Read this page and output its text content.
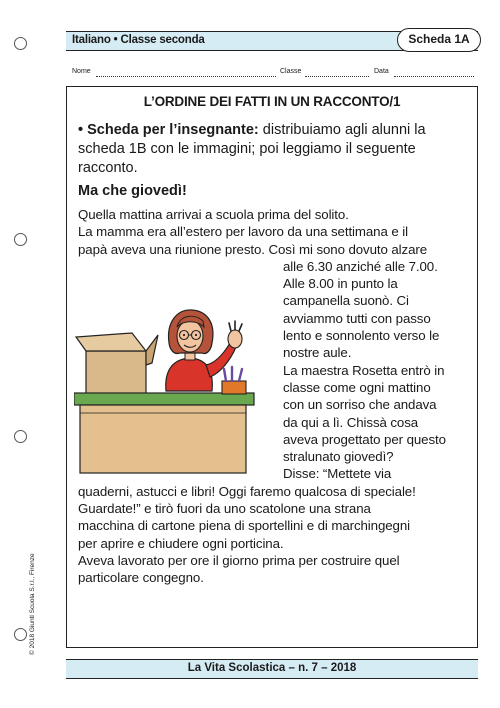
Italiano • Classe seconda	Scheda 1A
Nome	Classe	Data
L’ORDINE DEI FATTI IN UN RACCONTO/1
• Scheda per l’insegnante: distribuiamo agli alunni la
scheda 1B con le immagini; poi leggiamo il seguente
racconto.
Ma che giovedì!
Quella mattina arrivai a scuola prima del solito.
La mamma era all’estero per lavoro da una settimana e il
papà aveva una riunione presto. Così mi sono dovuto alzare
alle 6.30 anziché alle 7.00.
Alle 8.00 in punto la
campanella suonò. Ci
avviammo tutti con passo
lento e sonnolento verso le
nostre aule.
La maestra Rosetta entrò in
classe come ogni mattino
con un sorriso che andava
da qui a lì. Chissà cosa
aveva progettato per questo
stralunato giovedì?
Disse: “Mettete via
quaderni, astucci e libri! Oggi faremo qualcosa di speciale!
Guardate!” e tirò fuori da uno scatolone una strana
macchina di cartone piena di sportellini e di marchingegni
per aprire e chiudere ogni porticina.
Aveva lavorato per ore il giorno prima per costruire quel
particolare congegno.
© 2018 Giunti Scuola S.r.l., Firenze
La Vita Scolastica – n. 7 – 2018
